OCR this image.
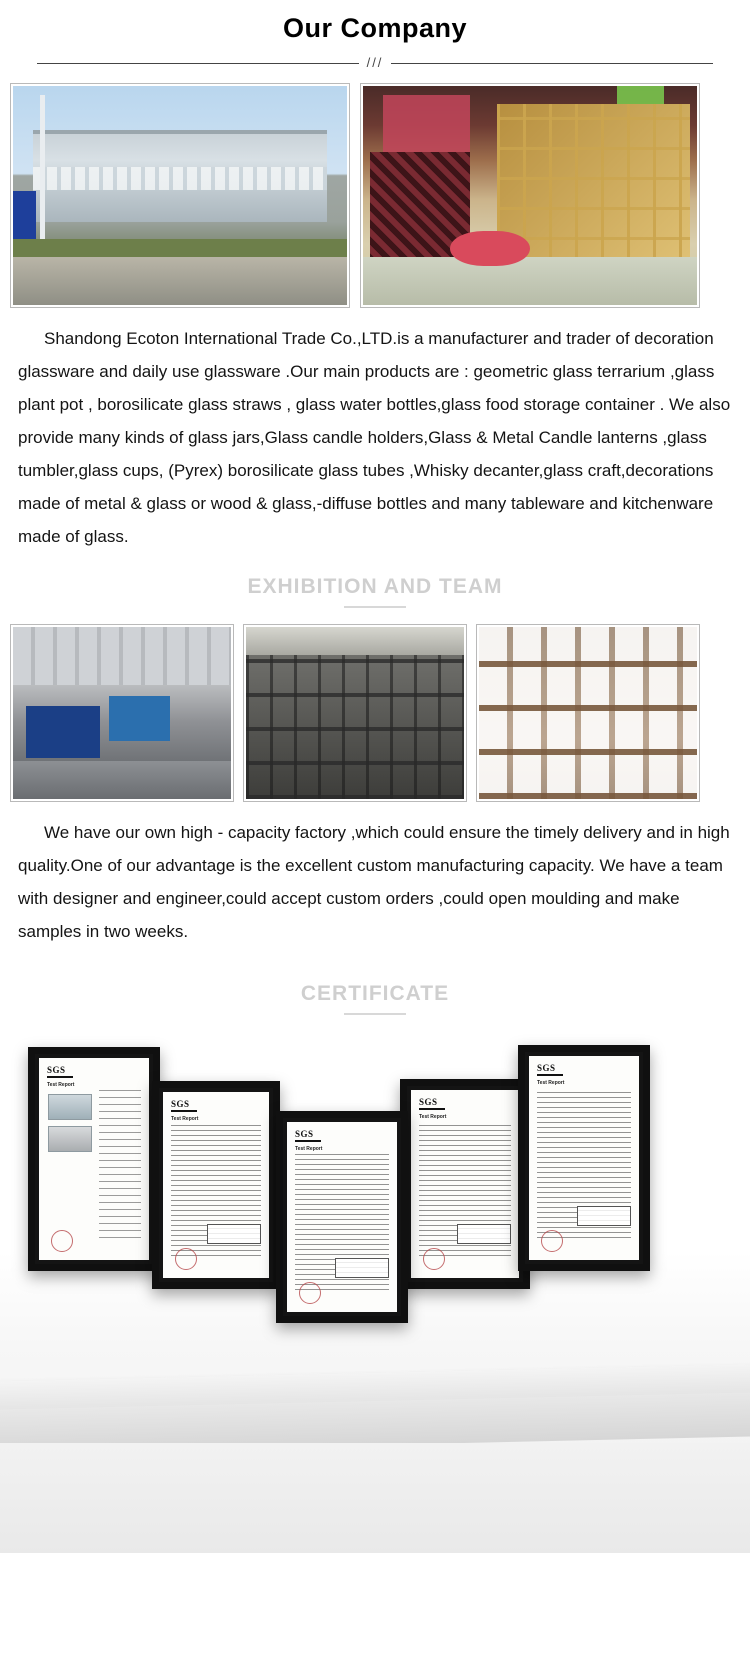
Our Company
///
Shandong Ecoton International Trade Co.,LTD.is a manufacturer and trader of decoration glassware and daily use glassware .Our main products are : geometric glass terrarium ,glass plant pot , borosilicate glass straws , glass water bottles,glass food storage container . We also provide many kinds of glass jars,Glass candle holders,Glass & Metal Candle lanterns ,glass tumbler,glass cups, (Pyrex) borosilicate glass tubes ,Whisky decanter,glass craft,decorations made of metal & glass or wood & glass,-diffuse bottles and many tableware and kitchenware made of glass.
EXHIBITION AND TEAM
We have our own high - capacity factory ,which could ensure the timely delivery and in high quality.One of our advantage is the excellent custom manufacturing capacity. We have a team with designer and engineer,could accept custom orders ,could open moulding and make samples in two weeks.
CERTIFICATE
SGS
Test Report
SGS
Test Report
SGS
Test Report
SGS
Test Report
SGS
Test Report
